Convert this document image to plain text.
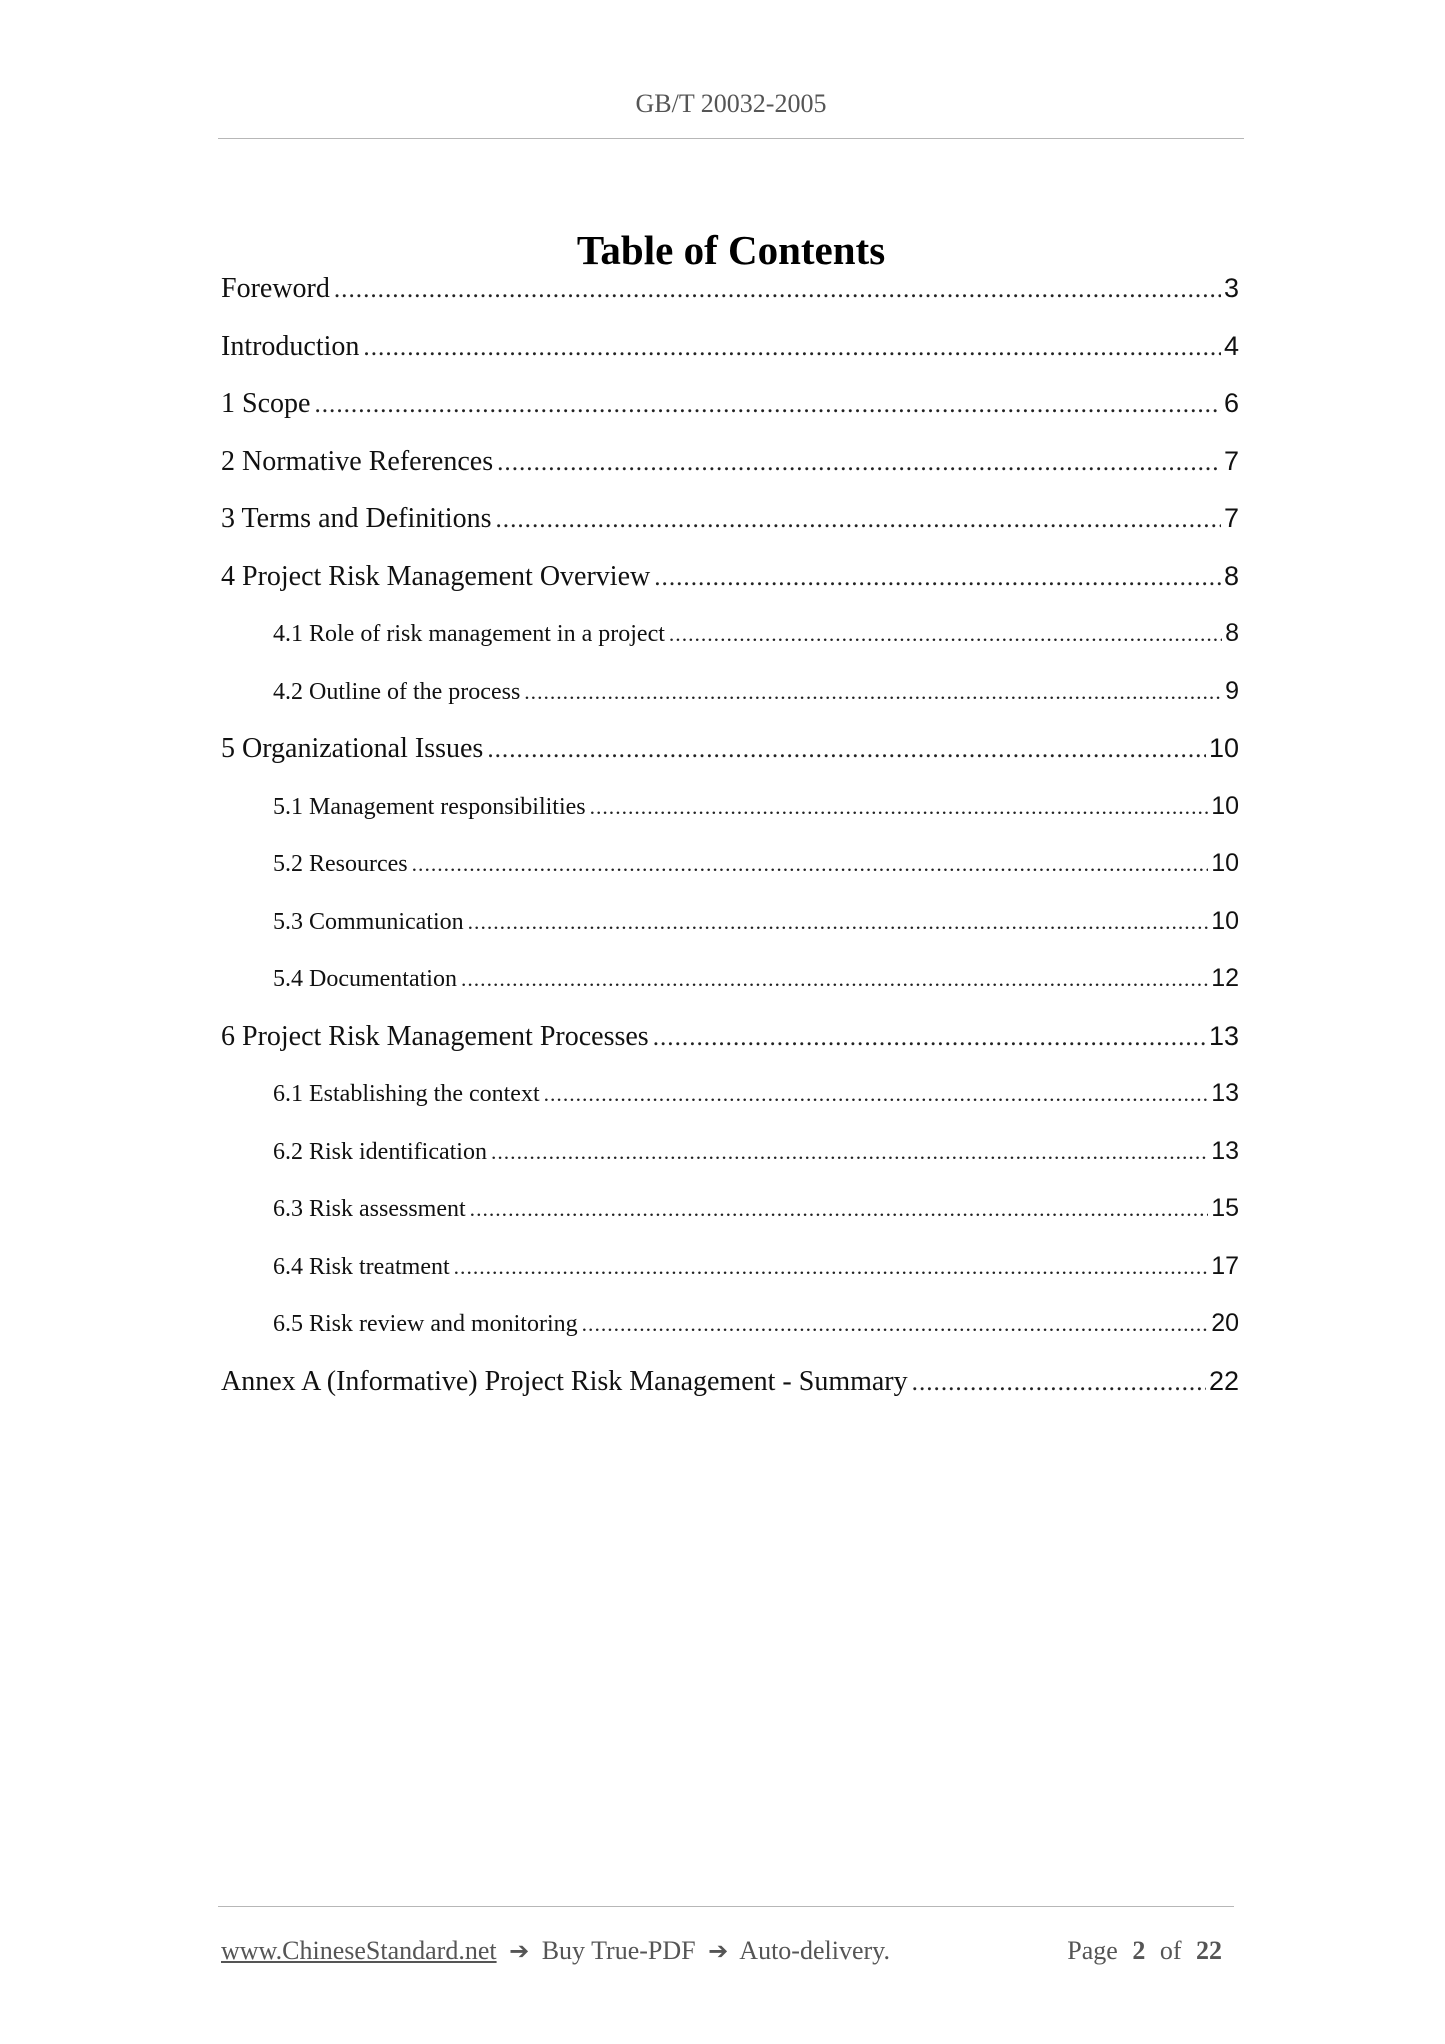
GB/T 20032-2005
Table of Contents
Foreword .....	3
Introduction .....	4
1 Scope .....	6
2 Normative References .....	7
3 Terms and Definitions .....	7
4 Project Risk Management Overview .....	8
4.1 Role of risk management in a project .....	8
4.2 Outline of the process .....	9
5 Organizational Issues .....	10
5.1 Management responsibilities .....	10
5.2 Resources .....	10
5.3 Communication .....	10
5.4 Documentation .....	12
6 Project Risk Management Processes .....	13
6.1 Establishing the context .....	13
6.2 Risk identification .....	13
6.3 Risk assessment .....	15
6.4 Risk treatment .....	17
6.5 Risk review and monitoring .....	20
Annex A (Informative) Project Risk Management - Summary .....	22
www.ChineseStandard.net ➔ Buy True-PDF ➔ Auto-delivery.	Page 2 of 22
